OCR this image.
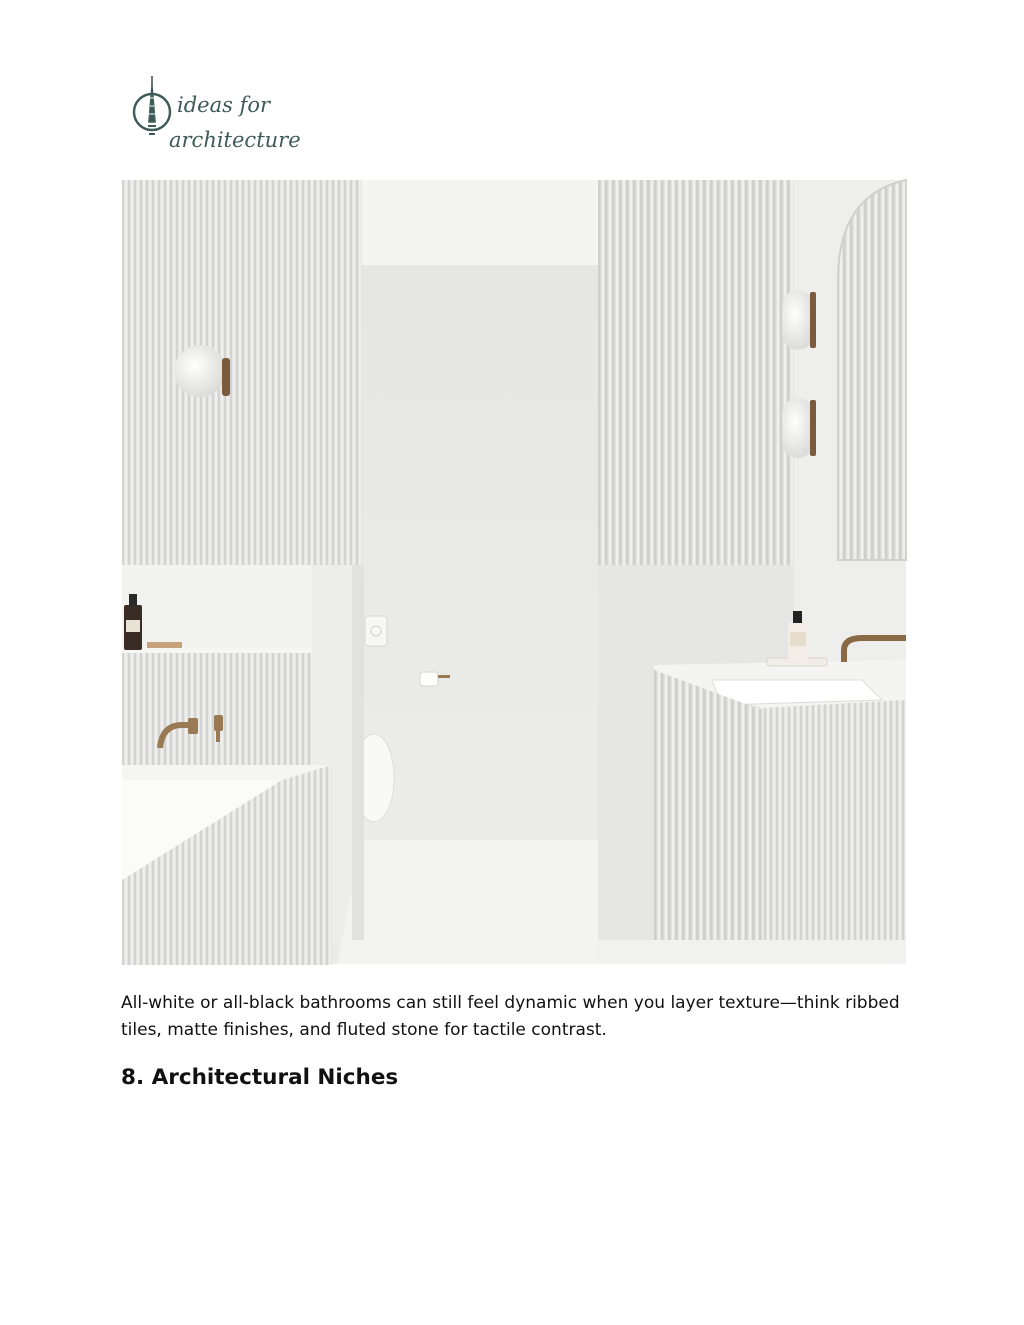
ideas for
architecture

All-white or all-black bathrooms can still feel dynamic when you layer texture—think ribbed tiles, matte finishes, and fluted stone for tactile contrast.

8. Architectural Niches
